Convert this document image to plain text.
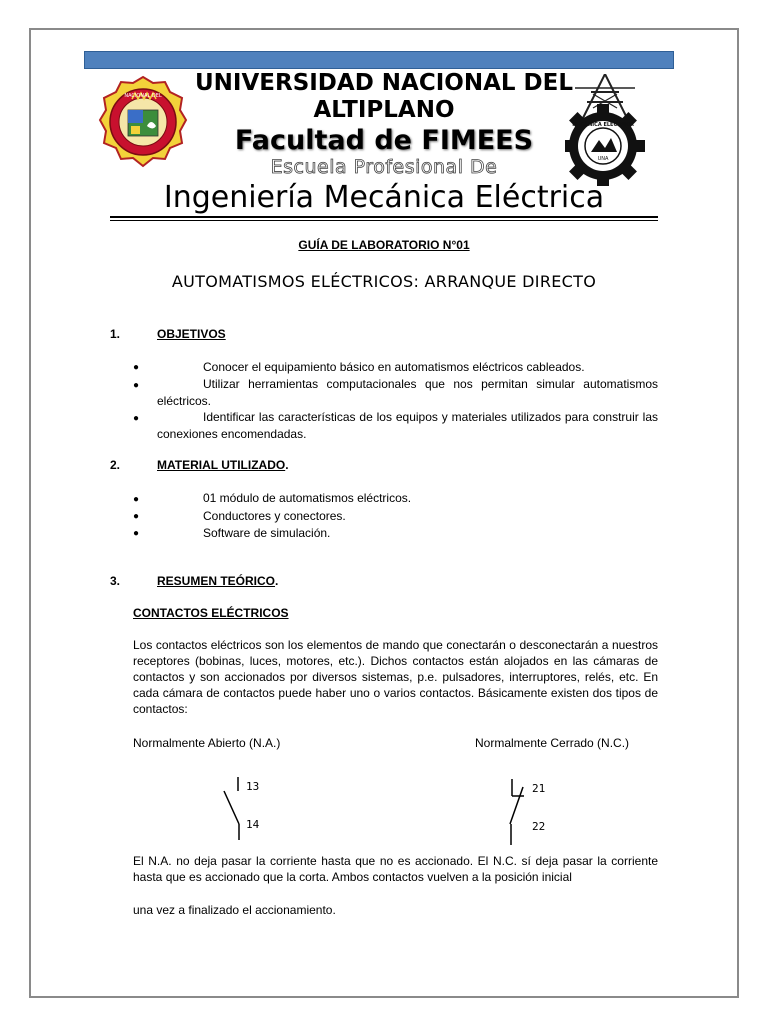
NACIONAL DEL
UNA
MECÁNICA ELÉCTRICA
UNIVERSIDAD NACIONAL DEL ALTIPLANO
Facultad de FIMEES
Escuela Profesional De
Ingeniería Mecánica Eléctrica
GUÍA DE LABORATORIO N°01
AUTOMATISMOS ELÉCTRICOS: ARRANQUE DIRECTO
1.	OBJETIVOS
●	Conocer el equipamiento básico en automatismos eléctricos cableados.
●	Utilizar herramientas computacionales que nos permitan simular automatismos eléctricos.
●	Identificar las características de los equipos y materiales utilizados para construir las conexiones encomendadas.
2.	MATERIAL UTILIZADO.
●	01 módulo de automatismos eléctricos.
●	Conductores y conectores.
●	Software de simulación.
3.	RESUMEN TEÓRICO.
CONTACTOS ELÉCTRICOS
Los contactos eléctricos son los elementos de mando que conectarán o desconectarán a nuestros receptores (bobinas, luces, motores, etc.). Dichos contactos están alojados en las cámaras de contactos y son accionados por diversos sistemas, p.e. pulsadores, interruptores, relés, etc. En cada cámara de contactos puede haber uno o varios contactos. Básicamente existen dos tipos de contactos:
Normalmente Abierto (N.A.)	Normalmente Cerrado (N.C.)
13
14
21
22
El N.A. no deja pasar la corriente hasta que no es accionado. El N.C. sí deja pasar la corriente hasta que es accionado que la corta. Ambos contactos vuelven a la posición inicial
una vez a finalizado el accionamiento.
